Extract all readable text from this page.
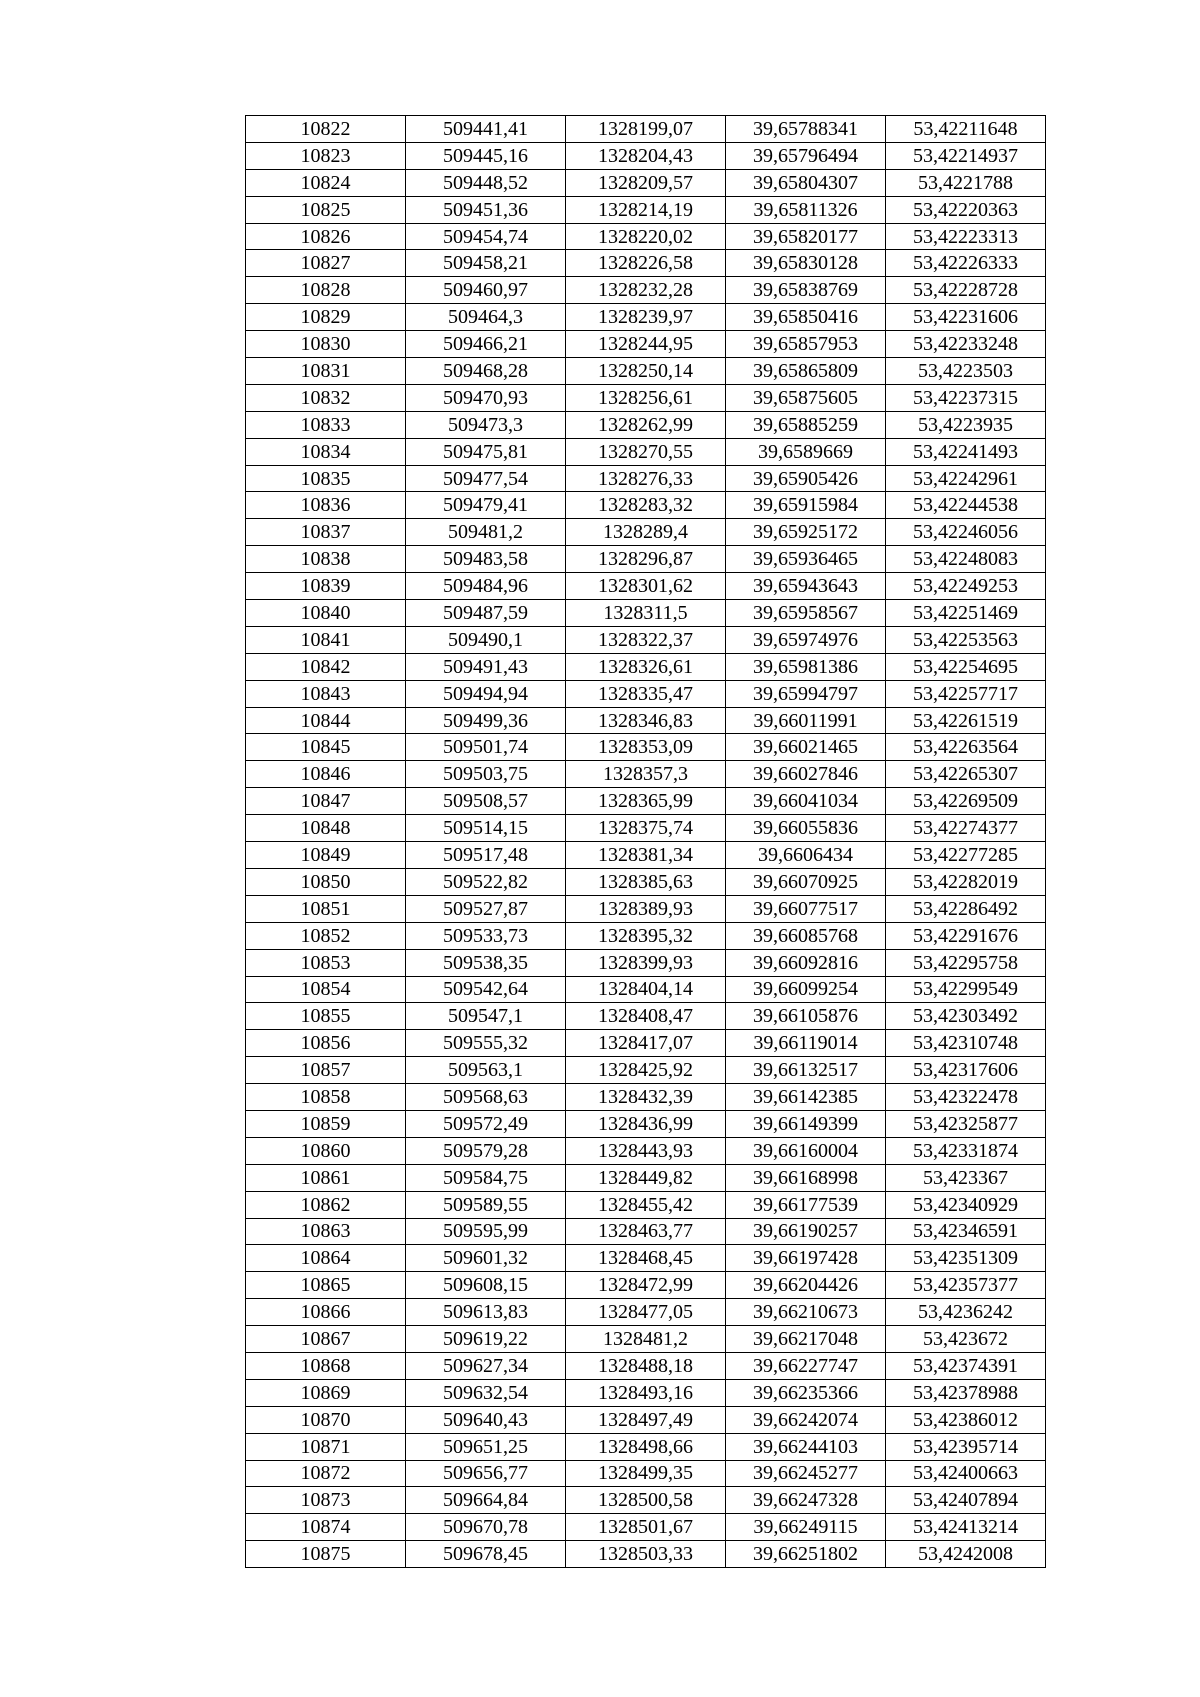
10822	509441,41	1328199,07	39,65788341	53,42211648
10823	509445,16	1328204,43	39,65796494	53,42214937
10824	509448,52	1328209,57	39,65804307	53,4221788
10825	509451,36	1328214,19	39,65811326	53,42220363
10826	509454,74	1328220,02	39,65820177	53,42223313
10827	509458,21	1328226,58	39,65830128	53,42226333
10828	509460,97	1328232,28	39,65838769	53,42228728
10829	509464,3	1328239,97	39,65850416	53,42231606
10830	509466,21	1328244,95	39,65857953	53,42233248
10831	509468,28	1328250,14	39,65865809	53,4223503
10832	509470,93	1328256,61	39,65875605	53,42237315
10833	509473,3	1328262,99	39,65885259	53,4223935
10834	509475,81	1328270,55	39,6589669	53,42241493
10835	509477,54	1328276,33	39,65905426	53,42242961
10836	509479,41	1328283,32	39,65915984	53,42244538
10837	509481,2	1328289,4	39,65925172	53,42246056
10838	509483,58	1328296,87	39,65936465	53,42248083
10839	509484,96	1328301,62	39,65943643	53,42249253
10840	509487,59	1328311,5	39,65958567	53,42251469
10841	509490,1	1328322,37	39,65974976	53,42253563
10842	509491,43	1328326,61	39,65981386	53,42254695
10843	509494,94	1328335,47	39,65994797	53,42257717
10844	509499,36	1328346,83	39,66011991	53,42261519
10845	509501,74	1328353,09	39,66021465	53,42263564
10846	509503,75	1328357,3	39,66027846	53,42265307
10847	509508,57	1328365,99	39,66041034	53,42269509
10848	509514,15	1328375,74	39,66055836	53,42274377
10849	509517,48	1328381,34	39,6606434	53,42277285
10850	509522,82	1328385,63	39,66070925	53,42282019
10851	509527,87	1328389,93	39,66077517	53,42286492
10852	509533,73	1328395,32	39,66085768	53,42291676
10853	509538,35	1328399,93	39,66092816	53,42295758
10854	509542,64	1328404,14	39,66099254	53,42299549
10855	509547,1	1328408,47	39,66105876	53,42303492
10856	509555,32	1328417,07	39,66119014	53,42310748
10857	509563,1	1328425,92	39,66132517	53,42317606
10858	509568,63	1328432,39	39,66142385	53,42322478
10859	509572,49	1328436,99	39,66149399	53,42325877
10860	509579,28	1328443,93	39,66160004	53,42331874
10861	509584,75	1328449,82	39,66168998	53,423367
10862	509589,55	1328455,42	39,66177539	53,42340929
10863	509595,99	1328463,77	39,66190257	53,42346591
10864	509601,32	1328468,45	39,66197428	53,42351309
10865	509608,15	1328472,99	39,66204426	53,42357377
10866	509613,83	1328477,05	39,66210673	53,4236242
10867	509619,22	1328481,2	39,66217048	53,423672
10868	509627,34	1328488,18	39,66227747	53,42374391
10869	509632,54	1328493,16	39,66235366	53,42378988
10870	509640,43	1328497,49	39,66242074	53,42386012
10871	509651,25	1328498,66	39,66244103	53,42395714
10872	509656,77	1328499,35	39,66245277	53,42400663
10873	509664,84	1328500,58	39,66247328	53,42407894
10874	509670,78	1328501,67	39,66249115	53,42413214
10875	509678,45	1328503,33	39,66251802	53,4242008
